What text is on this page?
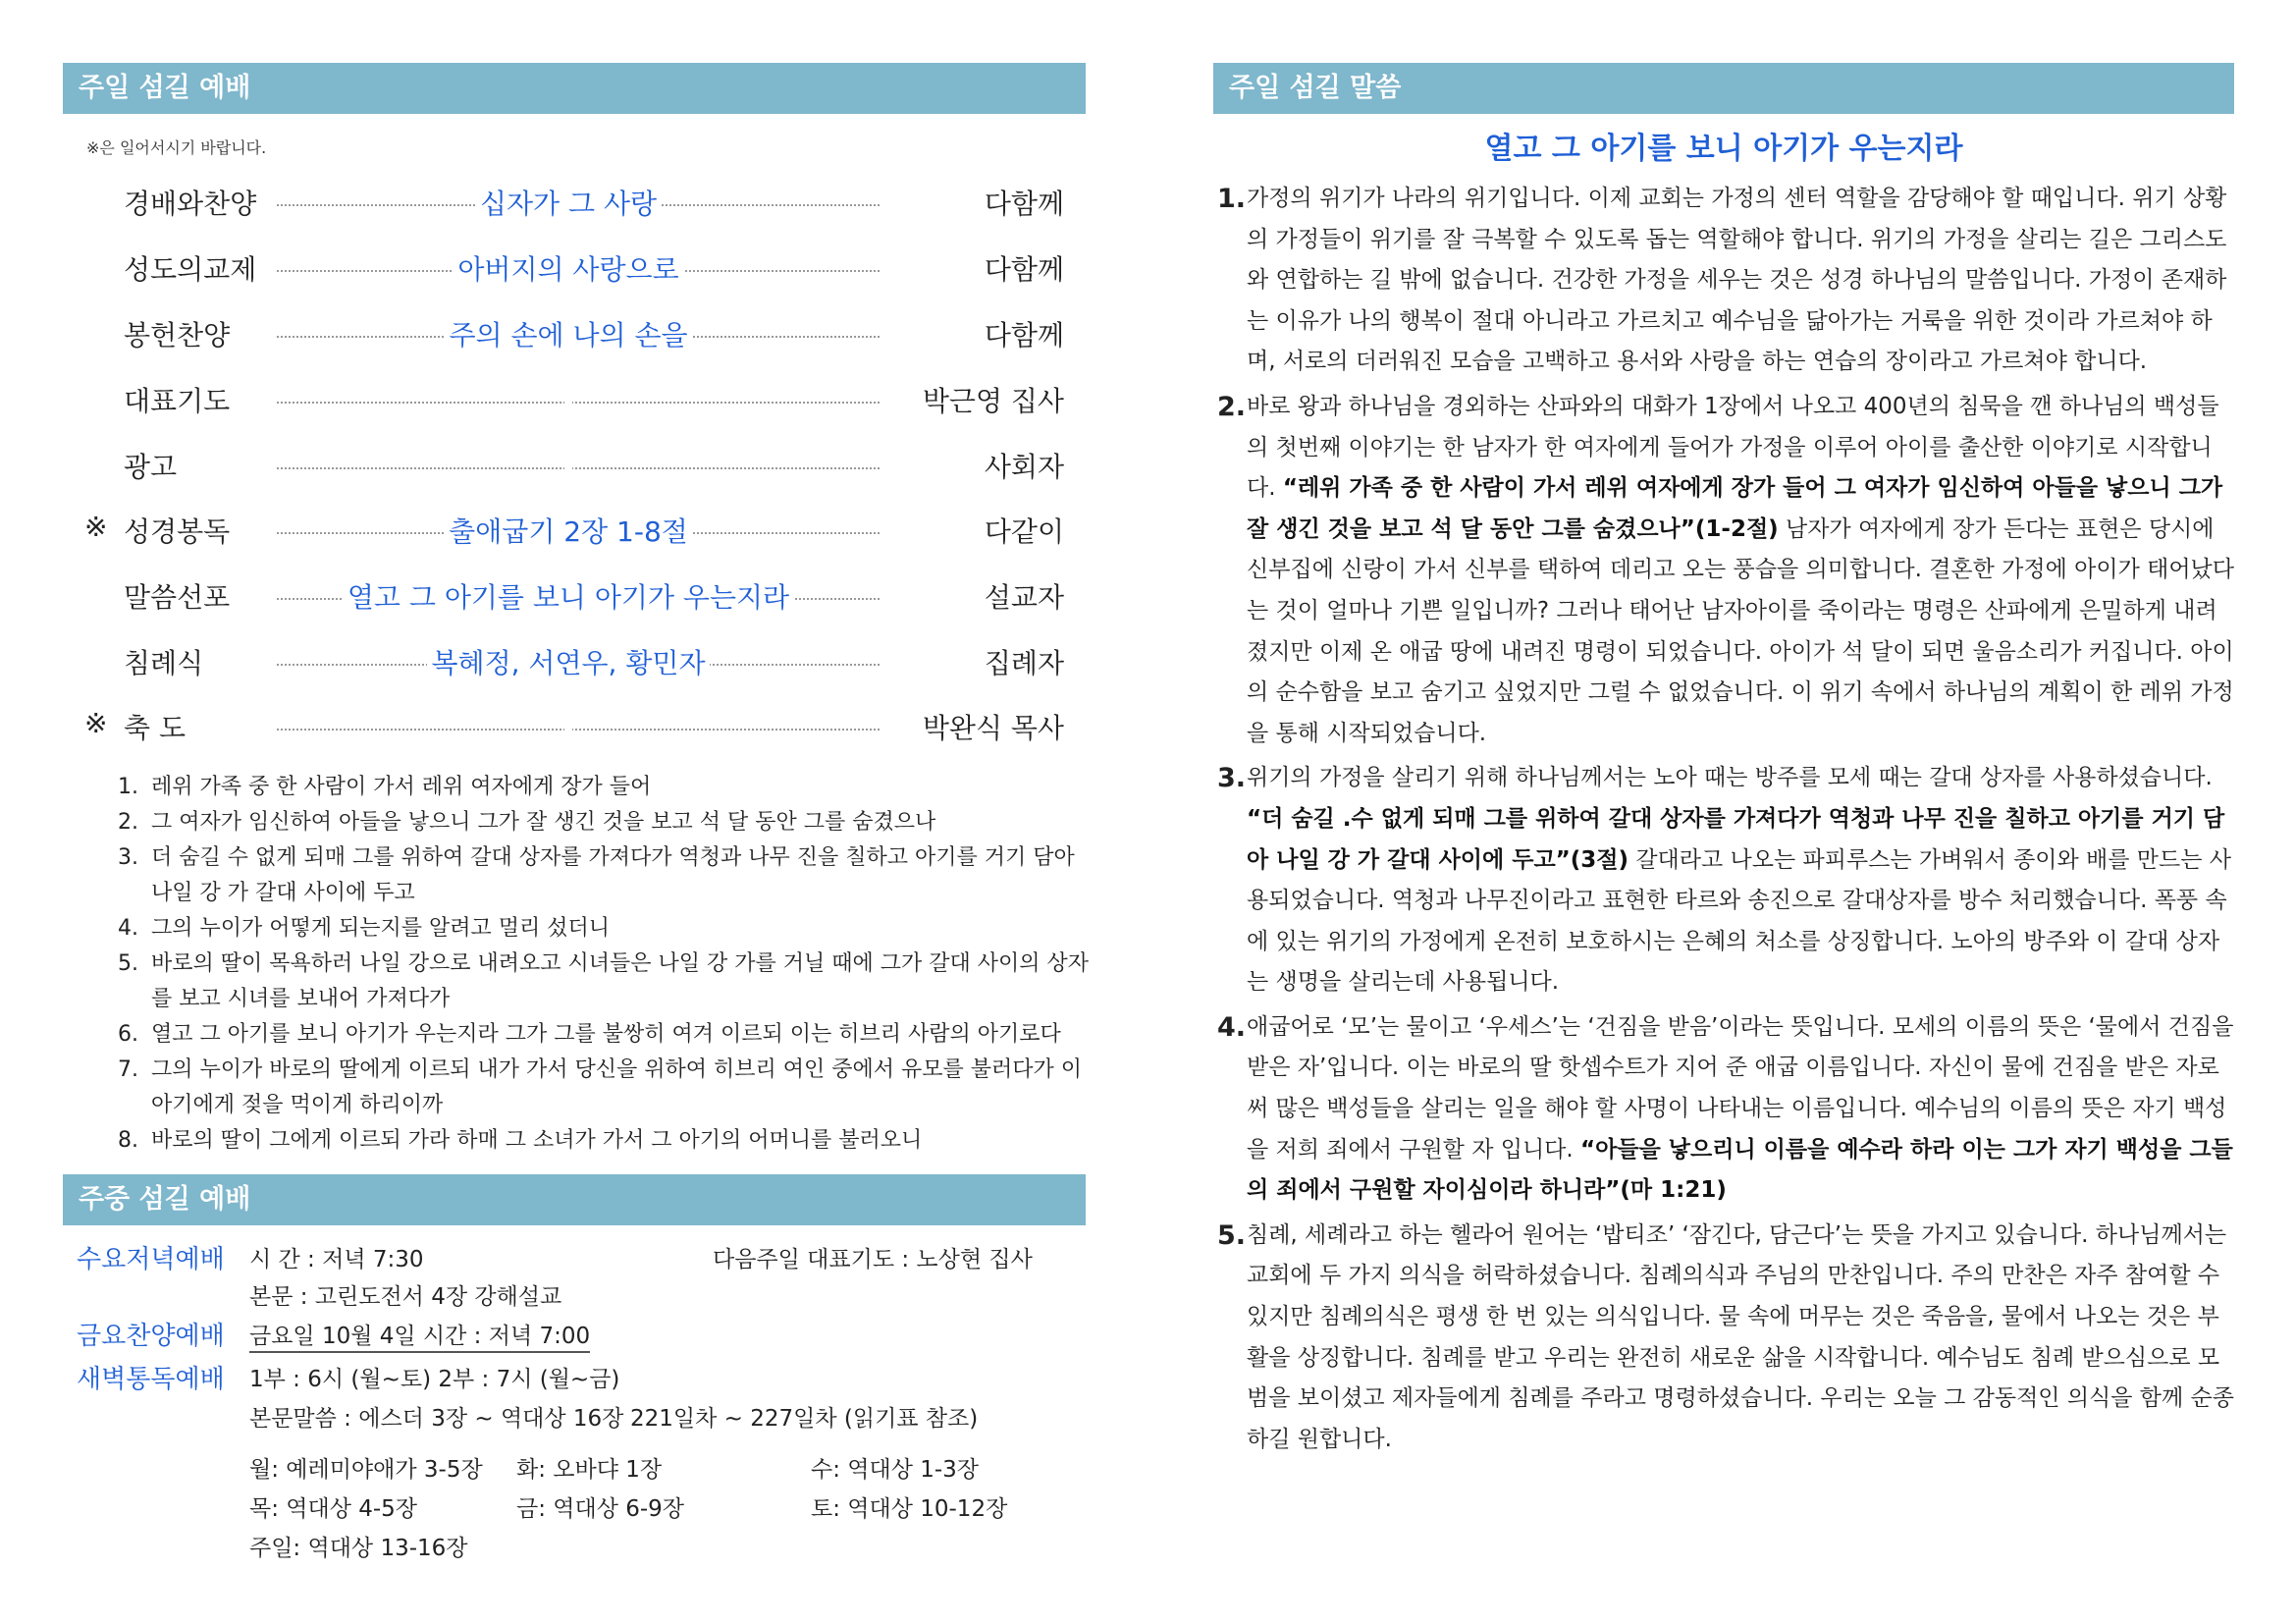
주일 섬길 예배
※은 일어서시기 바랍니다.
경배와찬양	십자가 그 사랑	다함께
성도의교제	아버지의 사랑으로	다함께
봉헌찬양	주의 손에 나의 손을	다함께
대표기도	박근영 집사
광고	사회자
※ 성경봉독	출애굽기 2장 1-8절	다같이
말씀선포	열고 그 아기를 보니 아기가 우는지라	설교자
침례식	복혜정, 서연우, 황민자	집례자
※ 축 도	박완식 목사
1. 레위 가족 중 한 사람이 가서 레위 여자에게 장가 들어
2. 그 여자가 임신하여 아들을 낳으니 그가 잘 생긴 것을 보고 석 달 동안 그를 숨겼으나
3. 더 숨길 수 없게 되매 그를 위하여 갈대 상자를 가져다가 역청과 나무 진을 칠하고 아기를 거기 담아 나일 강 가 갈대 사이에 두고
4. 그의 누이가 어떻게 되는지를 알려고 멀리 섰더니
5. 바로의 딸이 목욕하러 나일 강으로 내려오고 시녀들은 나일 강 가를 거닐 때에 그가 갈대 사이의 상자를 보고 시녀를 보내어 가져다가
6. 열고 그 아기를 보니 아기가 우는지라 그가 그를 불쌍히 여겨 이르되 이는 히브리 사람의 아기로다
7. 그의 누이가 바로의 딸에게 이르되 내가 가서 당신을 위하여 히브리 여인 중에서 유모를 불러다가 이 아기에게 젖을 먹이게 하리이까
8. 바로의 딸이 그에게 이르되 가라 하매 그 소녀가 가서 그 아기의 어머니를 불러오니
주중 섬길 예배
수요저녁예배 시 간 : 저녁 7:30	다음주일 대표기도 : 노상현 집사
본문 : 고린도전서 4장 강해설교
금요찬양예배 금요일 10월 4일 시간 : 저녁 7:00
새벽통독예배 1부 : 6시 (월~토) 2부 : 7시 (월~금)
본문말씀 : 에스더 3장 ~ 역대상 16장 221일차 ~ 227일차 (읽기표 참조)
월: 예레미야애가 3-5장 화: 오바댜 1장	수: 역대상 1-3장
목: 역대상 4-5장	금: 역대상 6-9장	토: 역대상 10-12장
주일: 역대상 13-16장
주일 섬길 말씀
열고 그 아기를 보니 아기가 우는지라
1. 가정의 위기가 나라의 위기입니다. 이제 교회는 가정의 센터 역할을 감당해야 할 때입니다. 위기 상황의 가정들이 위기를 잘 극복할 수 있도록 돕는 역할해야 합니다. 위기의 가정을 살리는 길은 그리스도와 연합하는 길 밖에 없습니다. 건강한 가정을 세우는 것은 성경 하나님의 말씀입니다. 가정이 존재하는 이유가 나의 행복이 절대 아니라고 가르치고 예수님을 닮아가는 거룩을 위한 것이라 가르쳐야 하며, 서로의 더러워진 모습을 고백하고 용서와 사랑을 하는 연습의 장이라고 가르쳐야 합니다.
2. 바로 왕과 하나님을 경외하는 산파와의 대화가 1장에서 나오고 400년의 침묵을 깬 하나님의 백성들의 첫번째 이야기는 한 남자가 한 여자에게 들어가 가정을 이루어 아이를 출산한 이야기로 시작합니다. “레위 가족 중 한 사람이 가서 레위 여자에게 장가 들어 그 여자가 임신하여 아들을 낳으니 그가 잘 생긴 것을 보고 석 달 동안 그를 숨겼으나”(1-2절) 남자가 여자에게 장가 든다는 표현은 당시에 신부집에 신랑이 가서 신부를 택하여 데리고 오는 풍습을 의미합니다. 결혼한 가정에 아이가 태어났다는 것이 얼마나 기쁜 일입니까? 그러나 태어난 남자아이를 죽이라는 명령은 산파에게 은밀하게 내려졌지만 이제 온 애굽 땅에 내려진 명령이 되었습니다. 아이가 석 달이 되면 울음소리가 커집니다. 아이의 순수함을 보고 숨기고 싶었지만 그럴 수 없었습니다. 이 위기 속에서 하나님의 계획이 한 레위 가정을 통해 시작되었습니다.
3. 위기의 가정을 살리기 위해 하나님께서는 노아 때는 방주를 모세 때는 갈대 상자를 사용하셨습니다. “더 숨길 .수 없게 되매 그를 위하여 갈대 상자를 가져다가 역청과 나무 진을 칠하고 아기를 거기 담아 나일 강 가 갈대 사이에 두고”(3절) 갈대라고 나오는 파피루스는 가벼워서 종이와 배를 만드는 사용되었습니다. 역청과 나무진이라고 표현한 타르와 송진으로 갈대상자를 방수 처리했습니다. 폭풍 속에 있는 위기의 가정에게 온전히 보호하시는 은혜의 처소를 상징합니다. 노아의 방주와 이 갈대 상자는 생명을 살리는데 사용됩니다.
4. 애굽어로 ‘모’는 물이고 ‘우세스’는 ‘건짐을 받음’이라는 뜻입니다. 모세의 이름의 뜻은 ‘물에서 건짐을 받은 자’입니다. 이는 바로의 딸 핫셉수트가 지어 준 애굽 이름입니다. 자신이 물에 건짐을 받은 자로써 많은 백성들을 살리는 일을 해야 할 사명이 나타내는 이름입니다. 예수님의 이름의 뜻은 자기 백성을 저희 죄에서 구원할 자 입니다. “아들을 낳으리니 이름을 예수라 하라 이는 그가 자기 백성을 그들의 죄에서 구원할 자이심이라 하니라”(마 1:21)
5. 침례, 세례라고 하는 헬라어 원어는 ‘밥티조’ ‘잠긴다, 담근다’는 뜻을 가지고 있습니다. 하나님께서는 교회에 두 가지 의식을 허락하셨습니다. 침례의식과 주님의 만찬입니다. 주의 만찬은 자주 참여할 수 있지만 침례의식은 평생 한 번 있는 의식입니다. 물 속에 머무는 것은 죽음을, 물에서 나오는 것은 부활을 상징합니다. 침례를 받고 우리는 완전히 새로운 삶을 시작합니다. 예수님도 침례 받으심으로 모범을 보이셨고 제자들에게 침례를 주라고 명령하셨습니다. 우리는 오늘 그 감동적인 의식을 함께 순종하길 원합니다.
